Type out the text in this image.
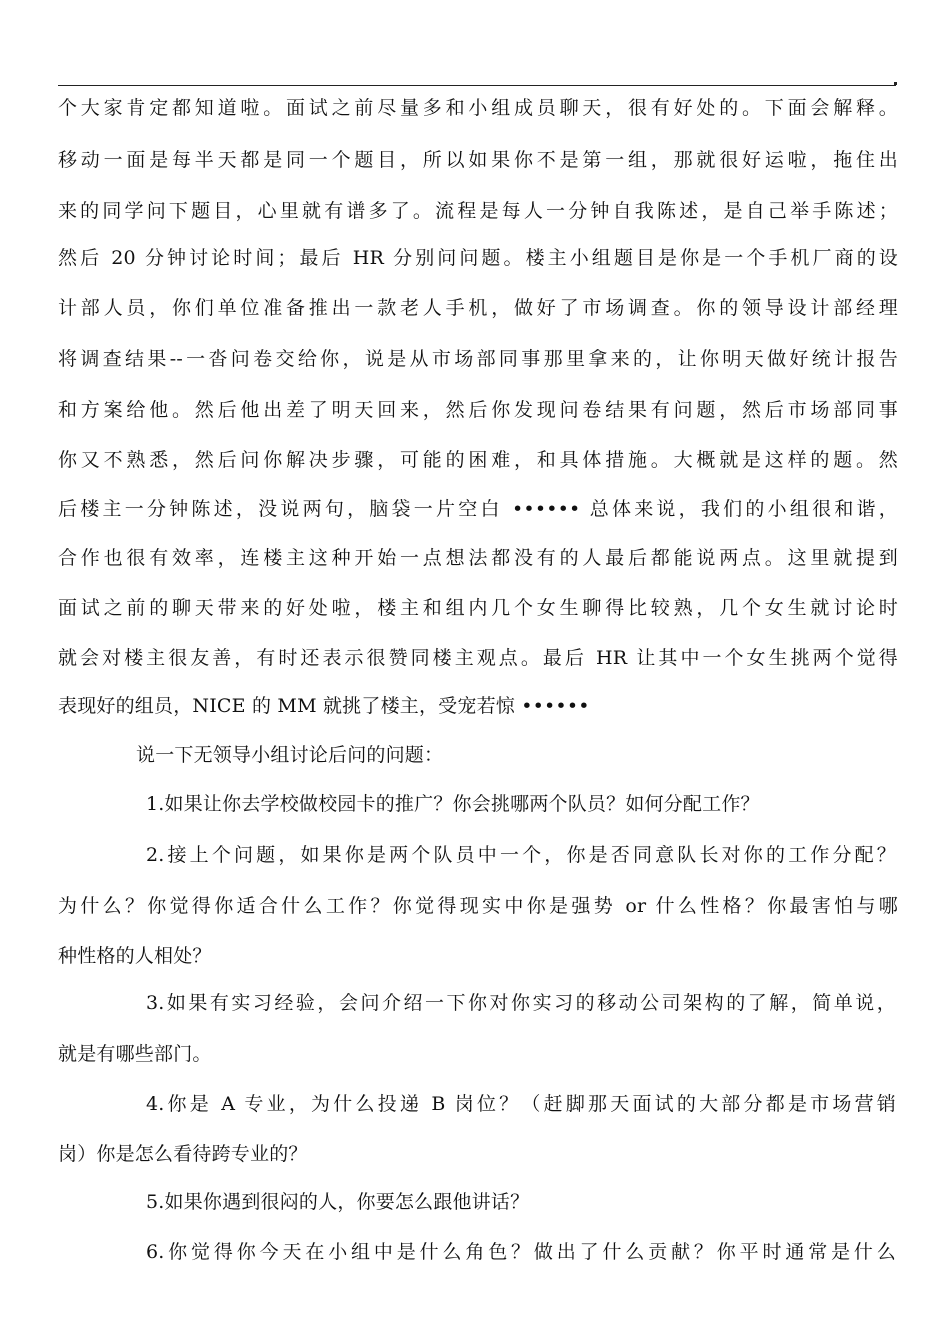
个大家肯定都知道啦。面试之前尽量多和小组成员聊天，很有好处的。下面会解释。
移动一面是每半天都是同一个题目，所以如果你不是第一组，那就很好运啦，拖住出
来的同学问下题目，心里就有谱多了。流程是每人一分钟自我陈述，是自己举手陈述；
然后 20 分钟讨论时间；最后 HR 分别问问题。楼主小组题目是你是一个手机厂商的设
计部人员，你们单位准备推出一款老人手机，做好了市场调查。你的领导设计部经理
将调查结果--一沓问卷交给你，说是从市场部同事那里拿来的，让你明天做好统计报告
和方案给他。然后他出差了明天回来，然后你发现问卷结果有问题，然后市场部同事
你又不熟悉，然后问你解决步骤，可能的困难，和具体措施。大概就是这样的题。然
后楼主一分钟陈述，没说两句，脑袋一片空白 •••••• 总体来说，我们的小组很和谐，
合作也很有效率，连楼主这种开始一点想法都没有的人最后都能说两点。这里就提到
面试之前的聊天带来的好处啦，楼主和组内几个女生聊得比较熟，几个女生就讨论时
就会对楼主很友善，有时还表示很赞同楼主观点。最后 HR 让其中一个女生挑两个觉得
表现好的组员，NICE 的 MM 就挑了楼主，受宠若惊 ••••••
说一下无领导小组讨论后问的问题：
1.如果让你去学校做校园卡的推广？你会挑哪两个队员？如何分配工作？
2.接上个问题，如果你是两个队员中一个，你是否同意队长对你的工作分配？
为什么？你觉得你适合什么工作？你觉得现实中你是强势 or 什么性格？你最害怕与哪
种性格的人相处？
3.如果有实习经验，会问介绍一下你对你实习的移动公司架构的了解，简单说，
就是有哪些部门。
4.你是 A 专业，为什么投递 B 岗位？（赶脚那天面试的大部分都是市场营销
岗）你是怎么看待跨专业的？
5.如果你遇到很闷的人，你要怎么跟他讲话？
6.你觉得你今天在小组中是什么角色？做出了什么贡献？你平时通常是什么
